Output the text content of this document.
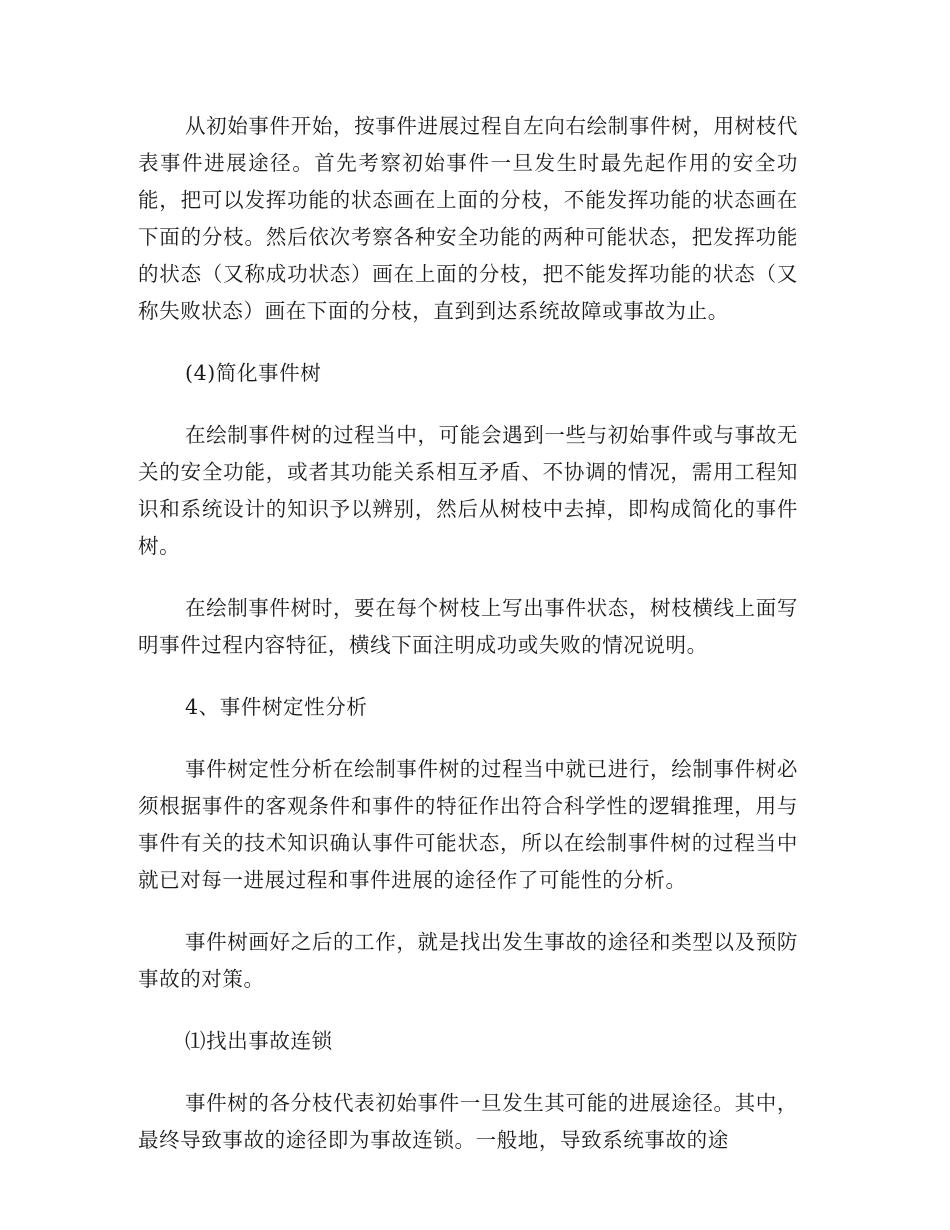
从初始事件开始，按事件进展过程自左向右绘制事件树，用树枝代表事件进展途径。首先考察初始事件一旦发生时最先起作用的安全功能，把可以发挥功能的状态画在上面的分枝，不能发挥功能的状态画在下面的分枝。然后依次考察各种安全功能的两种可能状态，把发挥功能的状态（又称成功状态）画在上面的分枝，把不能发挥功能的状态（又称失败状态）画在下面的分枝，直到到达系统故障或事故为止。

(4)简化事件树

在绘制事件树的过程当中，可能会遇到一些与初始事件或与事故无关的安全功能，或者其功能关系相互矛盾、不协调的情况，需用工程知识和系统设计的知识予以辨别，然后从树枝中去掉，即构成简化的事件树。

在绘制事件树时，要在每个树枝上写出事件状态，树枝横线上面写明事件过程内容特征，横线下面注明成功或失败的情况说明。

4、事件树定性分析

事件树定性分析在绘制事件树的过程当中就已进行，绘制事件树必须根据事件的客观条件和事件的特征作出符合科学性的逻辑推理，用与事件有关的技术知识确认事件可能状态，所以在绘制事件树的过程当中就已对每一进展过程和事件进展的途径作了可能性的分析。

事件树画好之后的工作，就是找出发生事故的途径和类型以及预防事故的对策。

⑴找出事故连锁

事件树的各分枝代表初始事件一旦发生其可能的进展途径。其中，最终导致事故的途径即为事故连锁。一般地，导致系统事故的途
